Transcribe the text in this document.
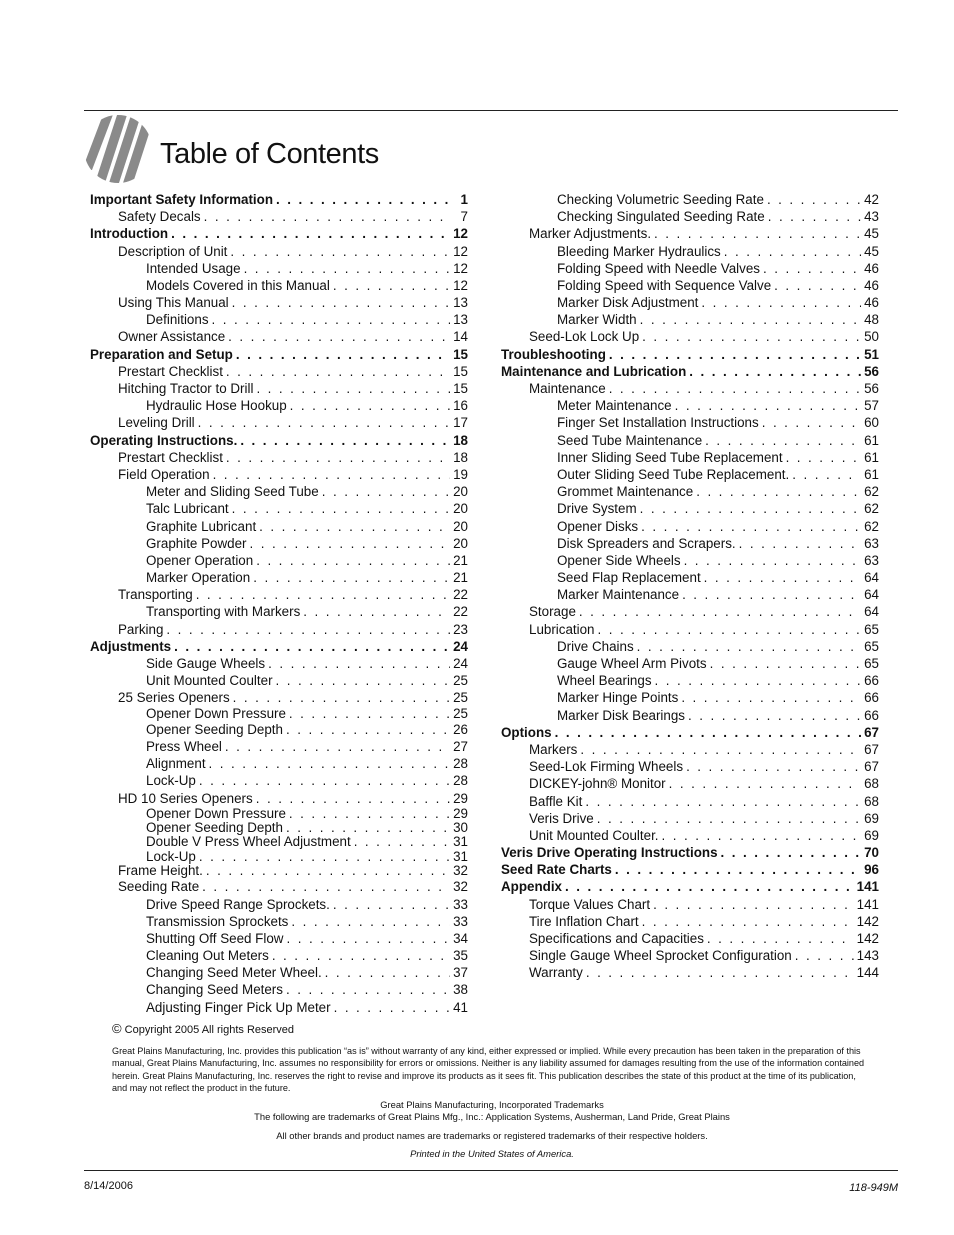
Table of Contents
Important Safety Information . . .	1
Safety Decals . . .	7
Introduction . . .	12
Description of Unit . . .	12
Intended Usage . . .	12
Models Covered in this Manual . . .	12
Using This Manual . . .	13
Definitions . . .	13
Owner Assistance . . .	14
Preparation and Setup . . .	15
Prestart Checklist . . .	15
Hitching Tractor to Drill . . .	15
Hydraulic Hose Hookup . . .	16
Leveling Drill . . .	17
Operating Instructions. . . .	18
Prestart Checklist . . .	18
Field Operation . . .	19
Meter and Sliding Seed Tube . . .	20
Talc Lubricant . . .	20
Graphite Lubricant . . .	20
Graphite Powder . . .	20
Opener Operation . . .	21
Marker Operation . . .	21
Transporting . . .	22
Transporting with Markers . . .	22
Parking . . .	23
Adjustments . . .	24
Side Gauge Wheels . . .	24
Unit Mounted Coulter . . .	25
25 Series Openers . . .	25
Opener Down Pressure . . .	25
Opener Seeding Depth . . .	26
Press Wheel . . .	27
Alignment . . .	28
Lock-Up . . .	28
HD 10 Series Openers . . .	29
Opener Down Pressure . . .	29
Opener Seeding Depth . . .	30
Double V Press Wheel Adjustment . . .	31
Lock-Up . . .	31
Frame Height. . . .	32
Seeding Rate . . .	32
Drive Speed Range Sprockets. . . .	33
Transmission Sprockets . . .	33
Shutting Off Seed Flow . . .	34
Cleaning Out Meters . . .	35
Changing Seed Meter Wheel. . . .	37
Changing Seed Meters . . .	38
Adjusting Finger Pick Up Meter . . .	41
Checking Volumetric Seeding Rate . . .	42
Checking Singulated Seeding Rate . . .	43
Marker Adjustments. . . .	45
Bleeding Marker Hydraulics . . .	45
Folding Speed with Needle Valves . . .	46
Folding Speed with Sequence Valve . . .	46
Marker Disk Adjustment . . .	46
Marker Width . . .	48
Seed-Lok Lock Up . . .	50
Troubleshooting . . .	51
Maintenance and Lubrication . . .	56
Maintenance . . .	56
Meter Maintenance . . .	57
Finger Set Installation Instructions . . .	60
Seed Tube Maintenance . . .	61
Inner Sliding Seed Tube Replacement . . .	61
Outer Sliding Seed Tube Replacement. . . .	61
Grommet Maintenance . . .	62
Drive System . . .	62
Opener Disks . . .	62
Disk Spreaders and Scrapers. . . .	63
Opener Side Wheels . . .	63
Seed Flap Replacement . . .	64
Marker Maintenance . . .	64
Storage . . .	64
Lubrication . . .	65
Drive Chains . . .	65
Gauge Wheel Arm Pivots . . .	65
Wheel Bearings . . .	66
Marker Hinge Points . . .	66
Marker Disk Bearings . . .	66
Options . . .	67
Markers . . .	67
Seed-Lok Firming Wheels . . .	67
DICKEY-john® Monitor . . .	68
Baffle Kit . . .	68
Veris Drive . . .	69
Unit Mounted Coulter. . . .	69
Veris Drive Operating Instructions . . .	70
Seed Rate Charts . . .	96
Appendix . . .	141
Torque Values Chart . . .	141
Tire Inflation Chart . . .	142
Specifications and Capacities . . .	142
Single Gauge Wheel Sprocket Configuration . . .	143
Warranty . . .	144
© Copyright 2005 All rights Reserved
Great Plains Manufacturing, Inc. provides this publication “as is” without warranty of any kind, either expressed or implied. While every precaution has been taken in the preparation of this manual, Great Plains Manufacturing, Inc. assumes no responsibility for errors or omissions. Neither is any liability assumed for damages resulting from the use of the information contained herein. Great Plains Manufacturing, Inc. reserves the right to revise and improve its products as it sees fit. This publication describes the state of this product at the time of its publication, and may not reflect the product in the future.
Great Plains Manufacturing, Incorporated Trademarks
The following are trademarks of Great Plains Mfg., Inc.: Application Systems, Ausherman, Land Pride, Great Plains
All other brands and product names are trademarks or registered trademarks of their respective holders.
Printed in the United States of America.
8/14/2006	118-949M
